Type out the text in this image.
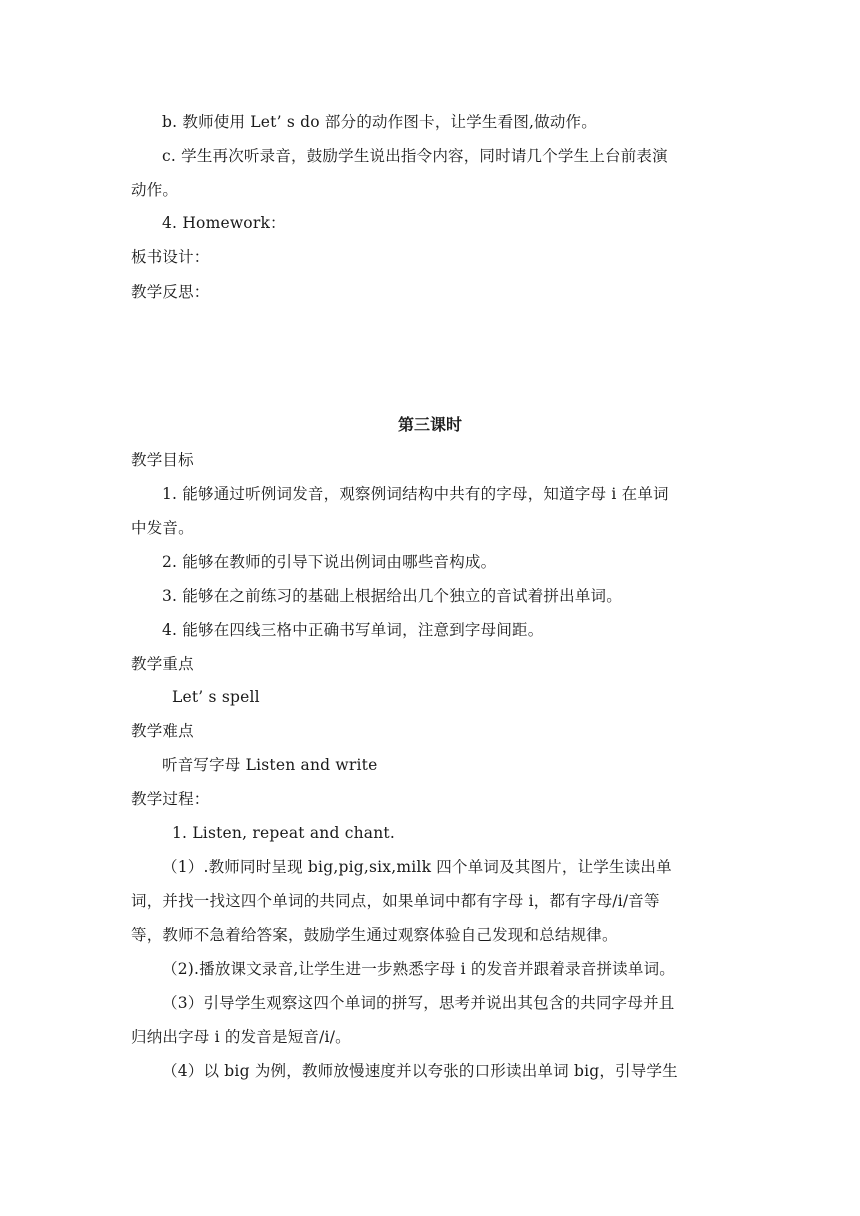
b. 教师使用 Let’ s do 部分的动作图卡，让学生看图,做动作。
c. 学生再次听录音，鼓励学生说出指令内容，同时请几个学生上台前表演
动作。
4. Homework：
板书设计：
教学反思：
第三课时
教学目标
1. 能够通过听例词发音，观察例词结构中共有的字母，知道字母 i 在单词
中发音。
2. 能够在教师的引导下说出例词由哪些音构成。
3. 能够在之前练习的基础上根据给出几个独立的音试着拼出单词。
4. 能够在四线三格中正确书写单词，注意到字母间距。
教学重点
Let’ s spell
教学难点
听音写字母 Listen and write
教学过程：
1. Listen, repeat and chant.
（1）.教师同时呈现 big,pig,six,milk 四个单词及其图片，让学生读出单
词，并找一找这四个单词的共同点，如果单词中都有字母 i，都有字母/i/音等
等，教师不急着给答案，鼓励学生通过观察体验自己发现和总结规律。
（2).播放课文录音,让学生进一步熟悉字母 i 的发音并跟着录音拼读单词。
（3）引导学生观察这四个单词的拼写，思考并说出其包含的共同字母并且
归纳出字母 i 的发音是短音/i/。
（4）以 big 为例，教师放慢速度并以夸张的口形读出单词 big，引导学生
